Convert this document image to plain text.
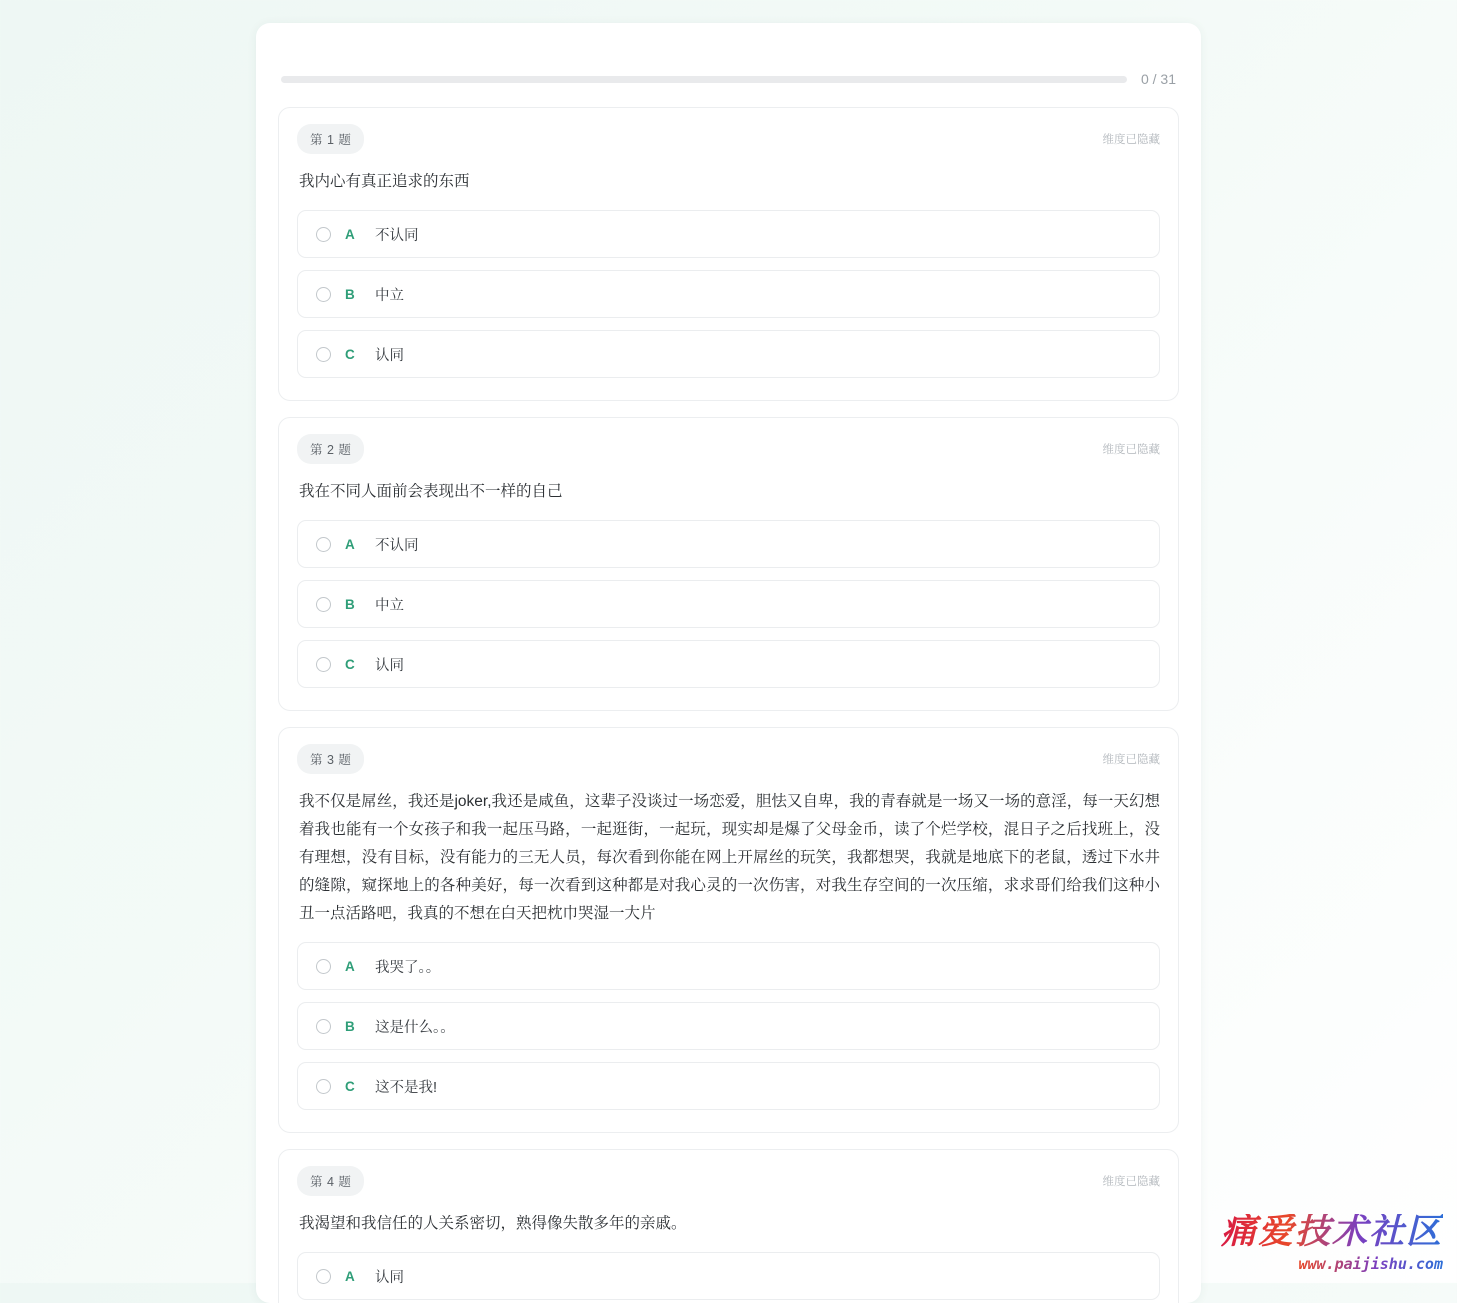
0 / 31
第 1 题	维度已隐藏

我内心有真正追求的东西

A	不认同
B	中立
C	认同
第 2 题	维度已隐藏

我在不同人面前会表现出不一样的自己

A	不认同
B	中立
C	认同
第 3 题	维度已隐藏

我不仅是屌丝，我还是joker,我还是咸鱼，这辈子没谈过一场恋爱，胆怯又自卑，我的青春就是一场又一场的意淫，每一天幻想着我也能有一个女孩子和我一起压马路，一起逛街，一起玩，现实却是爆了父母金币，读了个烂学校，混日子之后找班上，没有理想，没有目标，没有能力的三无人员，每次看到你能在网上开屌丝的玩笑，我都想哭，我就是地底下的老鼠，透过下水井的缝隙，窥探地上的各种美好，每一次看到这种都是对我心灵的一次伤害，对我生存空间的一次压缩，求求哥们给我们这种小丑一点活路吧，我真的不想在白天把枕巾哭湿一大片

A	我哭了。。
B	这是什么。。
C	这不是我!
第 4 题	维度已隐藏

我渴望和我信任的人关系密切，熟得像失散多年的亲戚。

A	认同
痛爱技术社区
www.paijishu.com
